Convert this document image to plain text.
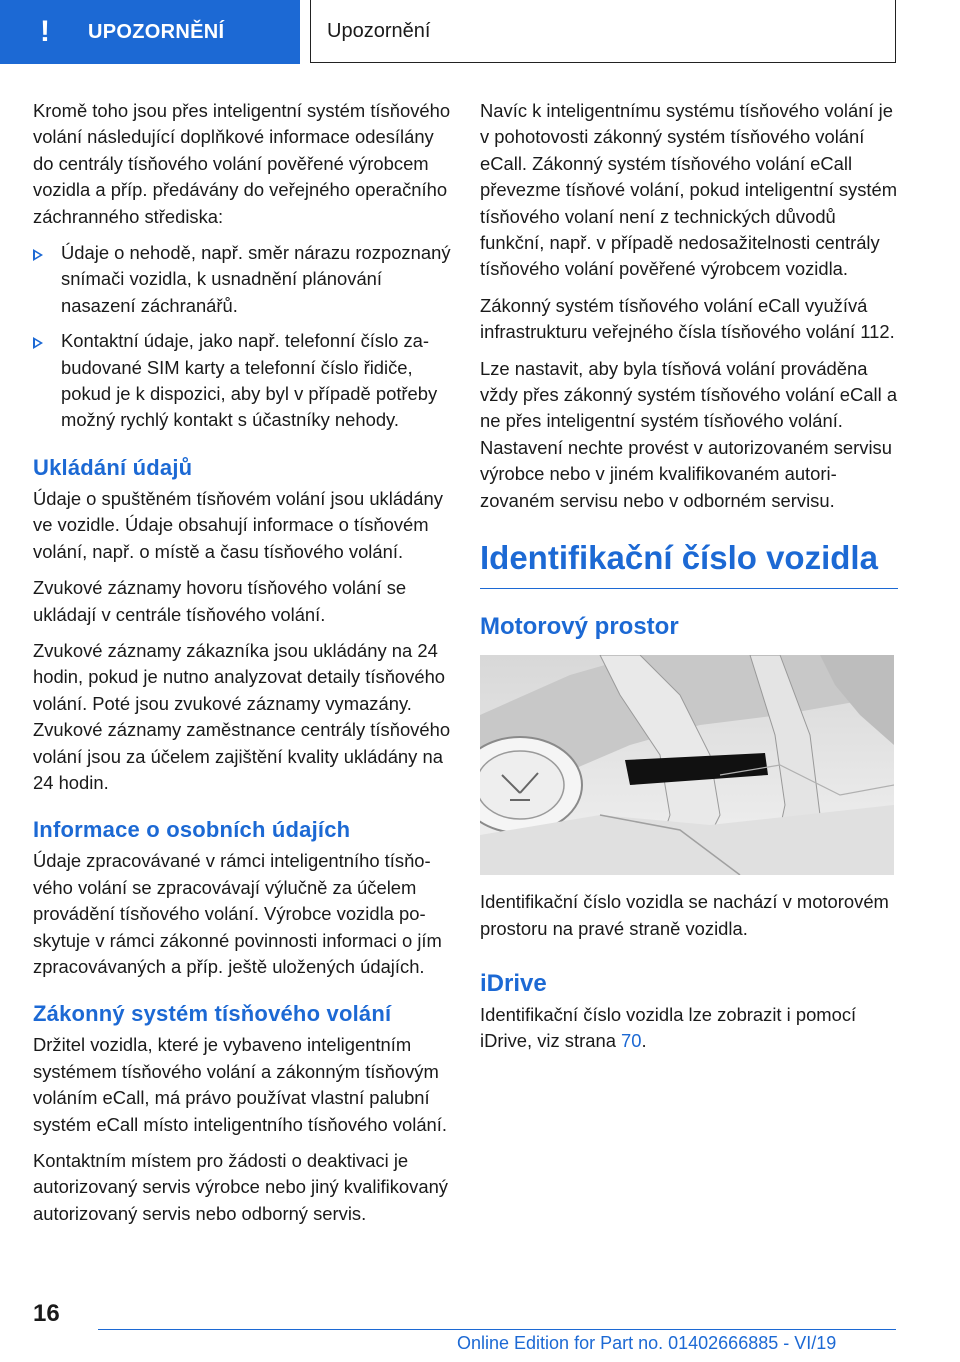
! UPOZORNĚNÍ	Upozornění

Kromě toho jsou přes inteligentní systém tísňového volání následující doplňkové informace odesílány do centrály tísňového volání pověřené výrobcem vozidla a příp. předávány do veřejného operačního záchranného střediska:

Údaje o nehodě, např. směr nárazu rozpoznaný snímači vozidla, k usnadnění plánování nasazení záchranářů.
Kontaktní údaje, jako např. telefonní číslo zabudované SIM karty a telefonní číslo řidiče, pokud je k dispozici, aby byl v případě potřeby možný rychlý kontakt s účastníky nehody.
Ukládání údajů

Údaje o spuštěném tísňovém volání jsou ukládány ve vozidle. Údaje obsahují informace o tísňovém volání, např. o místě a času tísňového volání.

Zvukové záznamy hovoru tísňového volání se ukládají v centrále tísňového volání.

Zvukové záznamy zákazníka jsou ukládány na 24 hodin, pokud je nutno analyzovat detaily tísňového volání. Poté jsou zvukové záznamy vymazány. Zvukové záznamy zaměstnance centrály tísňového volání jsou za účelem zajištění kvality ukládány na 24 hodin.

Informace o osobních údajích

Údaje zpracovávané v rámci inteligentního tísňového volání se zpracovávají výlučně za účelem provádění tísňového volání. Výrobce vozidla poskytuje v rámci zákonné povinnosti informaci o jím zpracovávaných a příp. ještě uložených údajích.

Zákonný systém tísňového volání

Držitel vozidla, které je vybaveno inteligentním systémem tísňového volání a zákonným tísňovým voláním eCall, má právo používat vlastní palubní systém eCall místo inteligentního tísňového volání.

Kontaktním místem pro žádosti o deaktivaci je autorizovaný servis výrobce nebo jiný kvalifikovaný autorizovaný servis nebo odborný servis.

Navíc k inteligentnímu systému tísňového volání je v pohotovosti zákonný systém tísňového volání eCall. Zákonný systém tísňového volání eCall převezme tísňové volání, pokud inteligentní systém tísňového volaní není z technických důvodů funkční, např. v případě nedosažitelnosti centrály tísňového volání pověřené výrobcem vozidla.

Zákonný systém tísňového volání eCall využívá infrastrukturu veřejného čísla tísňového volání 112.

Lze nastavit, aby byla tísňová volání prováděna vždy přes zákonný systém tísňového volání eCall a ne přes inteligentní systém tísňového volání. Nastavení nechte provést v autorizovaném servisu výrobce nebo v jiném kvalifikovaném autorizovaném servisu nebo v odborném servisu.

Identifikační číslo vozidla
Motorový prostor

Identifikační číslo vozidla se nachází v motorovém prostoru na pravé straně vozidla.

iDrive

Identifikační číslo vozidla lze zobrazit i pomocí iDrive, viz strana 70.

16
Online Edition for Part no. 01402666885 - VI/19
